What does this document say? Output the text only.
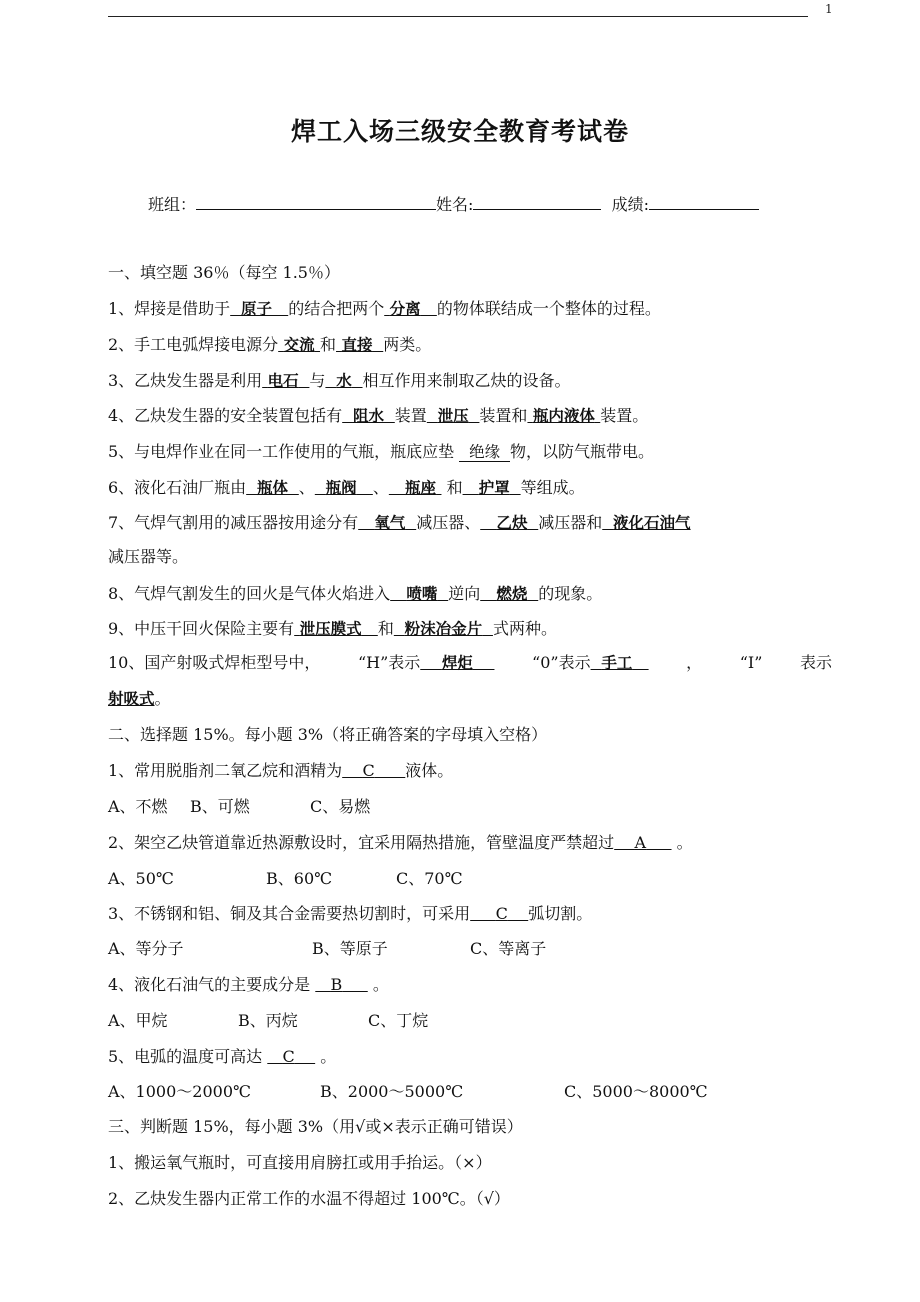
1
焊工入场三级安全教育考试卷
班组：	姓名:	成绩:
一、填空题 36％（每空 1.5％）
1、焊接是借助于 原子 的结合把两个 分离 的物体联结成一个整体的过程。
2、手工电弧焊接电源分 交流 和 直接 两类。
3、乙炔发生器是利用 电石 与 水 相互作用来制取乙炔的设备。
4、乙炔发生器的安全装置包括有 阻水 装置 泄压 装置和 瓶内液体 装置。
5、与电焊作业在同一工作使用的气瓶，瓶底应垫 绝缘 物，以防气瓶带电。
6、液化石油厂瓶由 瓶体 、 瓶阀 、 瓶座 和 护罩 等组成。
7、气焊气割用的减压器按用途分有 氧气 减压器、 乙炔 减压器和 液化石油气
减压器等。
8、气焊气割发生的回火是气体火焰进入 喷嘴 逆向 燃烧 的现象。
9、中压干回火保险主要有 泄压膜式 和 粉沫冶金片 式两种。
10、国产射吸式焊柜型号中， “H”表示 焊炬	“0”表示 手工	， “I” 表示
射吸式。
二、选择题 15%。每小题 3%（将正确答案的字母填入空格）
1、常用脱脂剂二氧乙烷和酒精为 C 液体。
A、不燃 B、可燃	C、易燃
2、架空乙炔管道靠近热源敷设时，宜采用隔热措施，管壁温度严禁超过 A 。
A、50℃	B、60℃	C、70℃
3、不锈钢和铝、铜及其合金需要热切割时，可采用 C 弧切割。
A、等分子	B、等原子	C、等离子
4、液化石油气的主要成分是 B 。
A、甲烷	B、丙烷	C、丁烷
5、电弧的温度可高达 C 。
A、1000～2000℃	B、2000～5000℃	C、5000～8000℃
三、判断题 15%，每小题 3%（用√或×表示正确可错误）
1、搬运氧气瓶时，可直接用肩膀扛或用手抬运。（×）
2、乙炔发生器内正常工作的水温不得超过 100℃。（√）
